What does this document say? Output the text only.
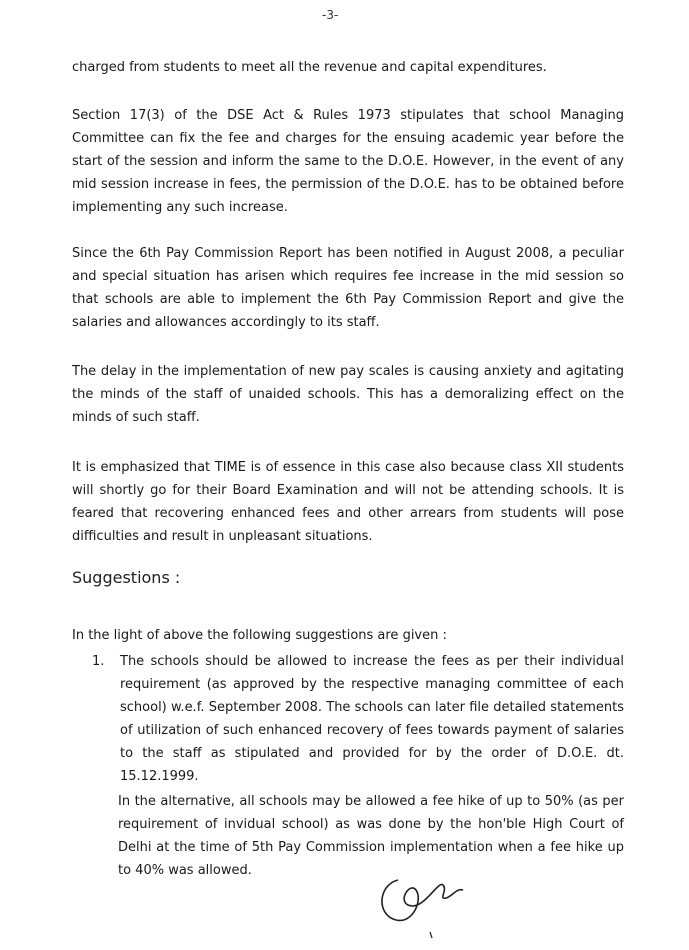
-3-

charged from students to meet all the revenue and capital expenditures.

Section 17(3) of the DSE Act & Rules 1973 stipulates that school Managing Committee can fix the fee and charges for the ensuing academic year before the start of the session and inform the same to the D.O.E. However, in the event of any mid session increase in fees, the permission of the D.O.E. has to be obtained before implementing any such increase.

Since the 6th Pay Commission Report has been notified in August 2008, a peculiar and special situation has arisen which requires fee increase in the mid session so that schools are able to implement the 6th Pay Commission Report and give the salaries and allowances accordingly to its staff.

The delay in the implementation of new pay scales is causing anxiety and agitating the minds of the staff of unaided schools. This has a demoralizing effect on the minds of such staff.

It is emphasized that TIME is of essence in this case also because class XII students will shortly go for their Board Examination and will not be attending schools. It is feared that recovering enhanced fees and other arrears from students will pose difficulties and result in unpleasant situations.

Suggestions :
In the light of above the following suggestions are given :
1. The schools should be allowed to increase the fees as per their individual requirement (as approved by the respective managing committee of each school) w.e.f. September 2008. The schools can later file detailed statements of utilization of such enhanced recovery of fees towards payment of salaries to the staff as stipulated and provided for by the order of D.O.E. dt. 15.12.1999.
In the alternative, all schools may be allowed a fee hike of up to 50% (as per requirement of invidual school) as was done by the hon'ble High Court of Delhi at the time of 5th Pay Commission implementation when a fee hike up to 40% was allowed.
